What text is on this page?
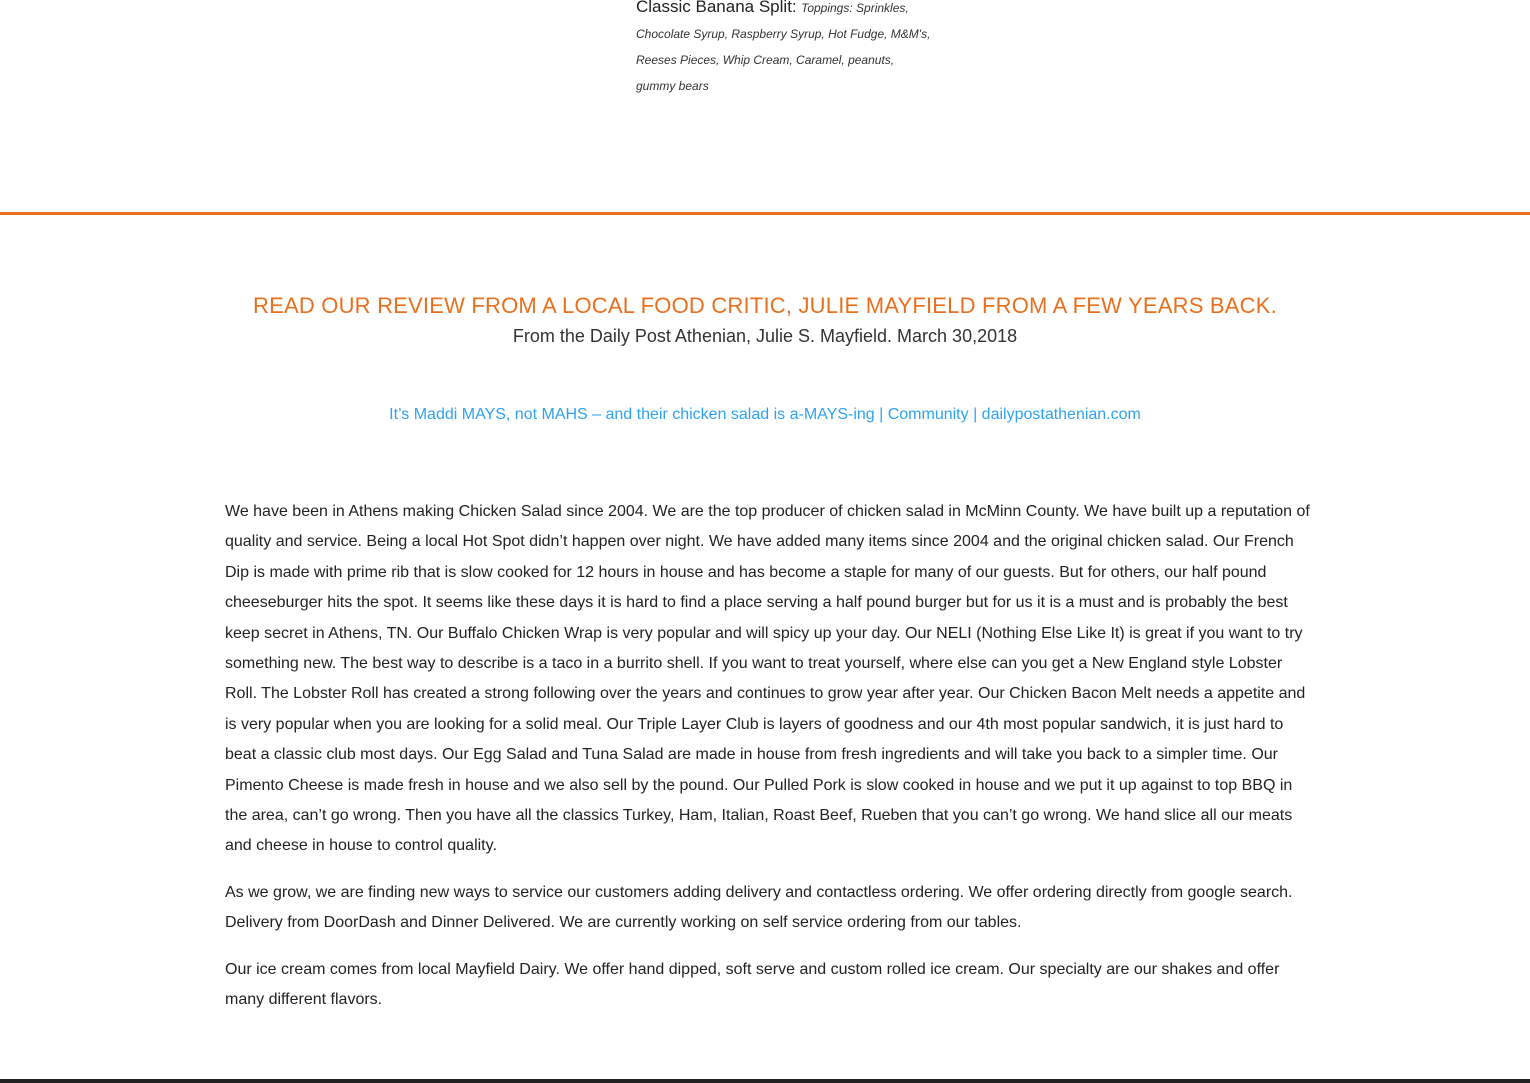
Classic Banana Split: Toppings: Sprinkles, Chocolate Syrup, Raspberry Syrup, Hot Fudge, M&M's, Reeses Pieces, Whip Cream, Caramel, peanuts, gummy bears
READ OUR REVIEW FROM A LOCAL FOOD CRITIC, JULIE MAYFIELD FROM A FEW YEARS BACK.
From the Daily Post Athenian, Julie S. Mayfield. March 30,2018
It’s Maddi MAYS, not MAHS – and their chicken salad is a-MAYS-ing | Community | dailypostathenian.com

We have been in Athens making Chicken Salad since 2004. We are the top producer of chicken salad in McMinn County. We have built up a reputation of quality and service. Being a local Hot Spot didn’t happen over night. We have added many items since 2004 and the original chicken salad. Our French Dip is made with prime rib that is slow cooked for 12 hours in house and has become a staple for many of our guests. But for others, our half pound cheeseburger hits the spot. It seems like these days it is hard to find a place serving a half pound burger but for us it is a must and is probably the best keep secret in Athens, TN. Our Buffalo Chicken Wrap is very popular and will spicy up your day. Our NELI (Nothing Else Like It) is great if you want to try something new. The best way to describe is a taco in a burrito shell. If you want to treat yourself, where else can you get a New England style Lobster Roll. The Lobster Roll has created a strong following over the years and continues to grow year after year. Our Chicken Bacon Melt needs a appetite and is very popular when you are looking for a solid meal. Our Triple Layer Club is layers of goodness and our 4th most popular sandwich, it is just hard to beat a classic club most days. Our Egg Salad and Tuna Salad are made in house from fresh ingredients and will take you back to a simpler time. Our Pimento Cheese is made fresh in house and we also sell by the pound. Our Pulled Pork is slow cooked in house and we put it up against to top BBQ in the area, can’t go wrong. Then you have all the classics Turkey, Ham, Italian, Roast Beef, Rueben that you can’t go wrong. We hand slice all our meats and cheese in house to control quality.

As we grow, we are finding new ways to service our customers adding delivery and contactless ordering. We offer ordering directly from google search. Delivery from DoorDash and Dinner Delivered. We are currently working on self service ordering from our tables.

Our ice cream comes from local Mayfield Dairy. We offer hand dipped, soft serve and custom rolled ice cream. Our specialty are our shakes and offer many different flavors.
